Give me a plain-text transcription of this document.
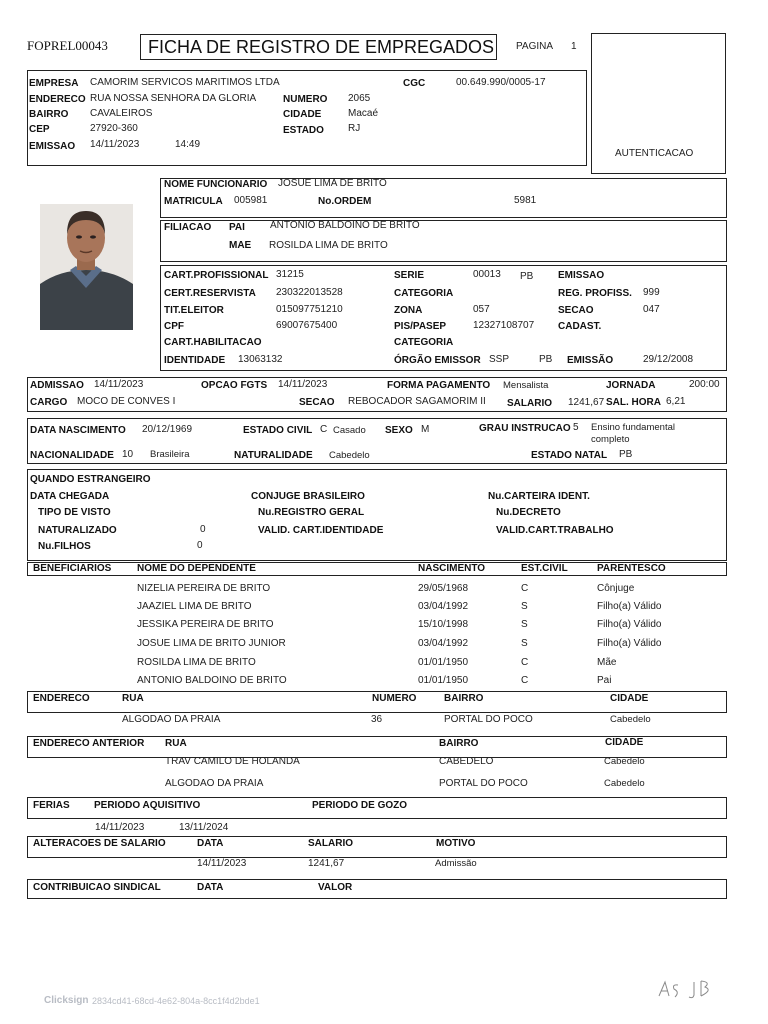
FOPREL00043 FICHA DE REGISTRO DE EMPREGADOS PAGINA 1
AUTENTICACAO
EMPRESA CAMORIM SERVICOS MARITIMOS LTDA	CGC	00.649.990/0005-17
ENDERECO RUA NOSSA SENHORA DA GLORIA	NUMERO 2065
BAIRRO CAVALEIROS	CIDADE	Macaé
CEP	27920-360	ESTADO RJ
EMISSAO 14/11/2023	14:49
NOME FUNCIONARIO JOSUE LIMA DE BRITO
MATRICULA 005981	No.ORDEM	5981
FILIACAO PAI	ANTONIO BALDOINO DE BRITO
MAE ROSILDA LIMA DE BRITO
CART.PROFISSIONAL 31215	SERIE	00013 PB EMISSAO
CERT.RESERVISTA 230322013528	CATEGORIA	REG. PROFISS. 999
TIT.ELEITOR	015097751210	ZONA	057	SECAO	047
CPF	69007675400	PIS/PASEP	12327108707 CADAST.
CART.HABILITACAO	CATEGORIA
IDENTIDADE 13063132	ÓRGÃO EMISSOR SSP	PB EMISSÃO	29/12/2008
ADMISSAO 14/11/2023	OPCAO FGTS 14/11/2023	FORMA PAGAMENTO Mensalista	JORNADA	200:00
CARGO MOCO DE CONVES I	SECAO REBOCADOR SAGAMORIM II SALARIO 1241,67 SAL. HORA 6,21
DATA NASCIMENTO 20/12/1969	ESTADO CIVIL C Casado SEXO M	GRAU INSTRUCAO 5 Ensino fundamental
completo
NACIONALIDADE 10 Brasileira	NATURALIDADE Cabedelo	ESTADO NATAL PB
QUANDO ESTRANGEIRO
DATA CHEGADA	CONJUGE BRASILEIRO	Nu.CARTEIRA IDENT.
TIPO DE VISTO	Nu.REGISTRO GERAL	Nu.DECRETO
NATURALIZADO	0	VALID. CART.IDENTIDADE	VALID.CART.TRABALHO
Nu.FILHOS	0
BENEFICIARIOS	NOME DO DEPENDENTE	NASCIMENTO	EST.CIVIL	PARENTESCO
NIZELIA PEREIRA DE BRITO	29/05/1968	C	Cônjuge
JAAZIEL LIMA DE BRITO	03/04/1992	S	Filho(a) Válido
JESSIKA PEREIRA DE BRITO	15/10/1998	S	Filho(a) Válido
JOSUE LIMA DE BRITO JUNIOR	03/04/1992	S	Filho(a) Válido
ROSILDA LIMA DE BRITO	01/01/1950	C	Mãe
ANTONIO BALDOINO DE BRITO	01/01/1950	C	Pai
ENDERECO	RUA	NUMERO	BAIRRO	CIDADE
ALGODAO DA PRAIA	36	PORTAL DO POCO	Cabedelo
ENDERECO ANTERIOR RUA	BAIRRO	CIDADE
TRAV CAMILO DE HOLANDA	CABEDELO	Cabedelo
ALGODAO DA PRAIA	PORTAL DO POCO	Cabedelo
FERIAS PERIODO AQUISITIVO	PERIODO DE GOZO
14/11/2023	13/11/2024
ALTERACOES DE SALARIO	DATA	SALARIO	MOTIVO
14/11/2023	1241,67	Admissão
CONTRIBUICAO SINDICAL	DATA	VALOR
Clicksign 2834cd41-68cd-4e62-804a-8cc1f4d2bde1
